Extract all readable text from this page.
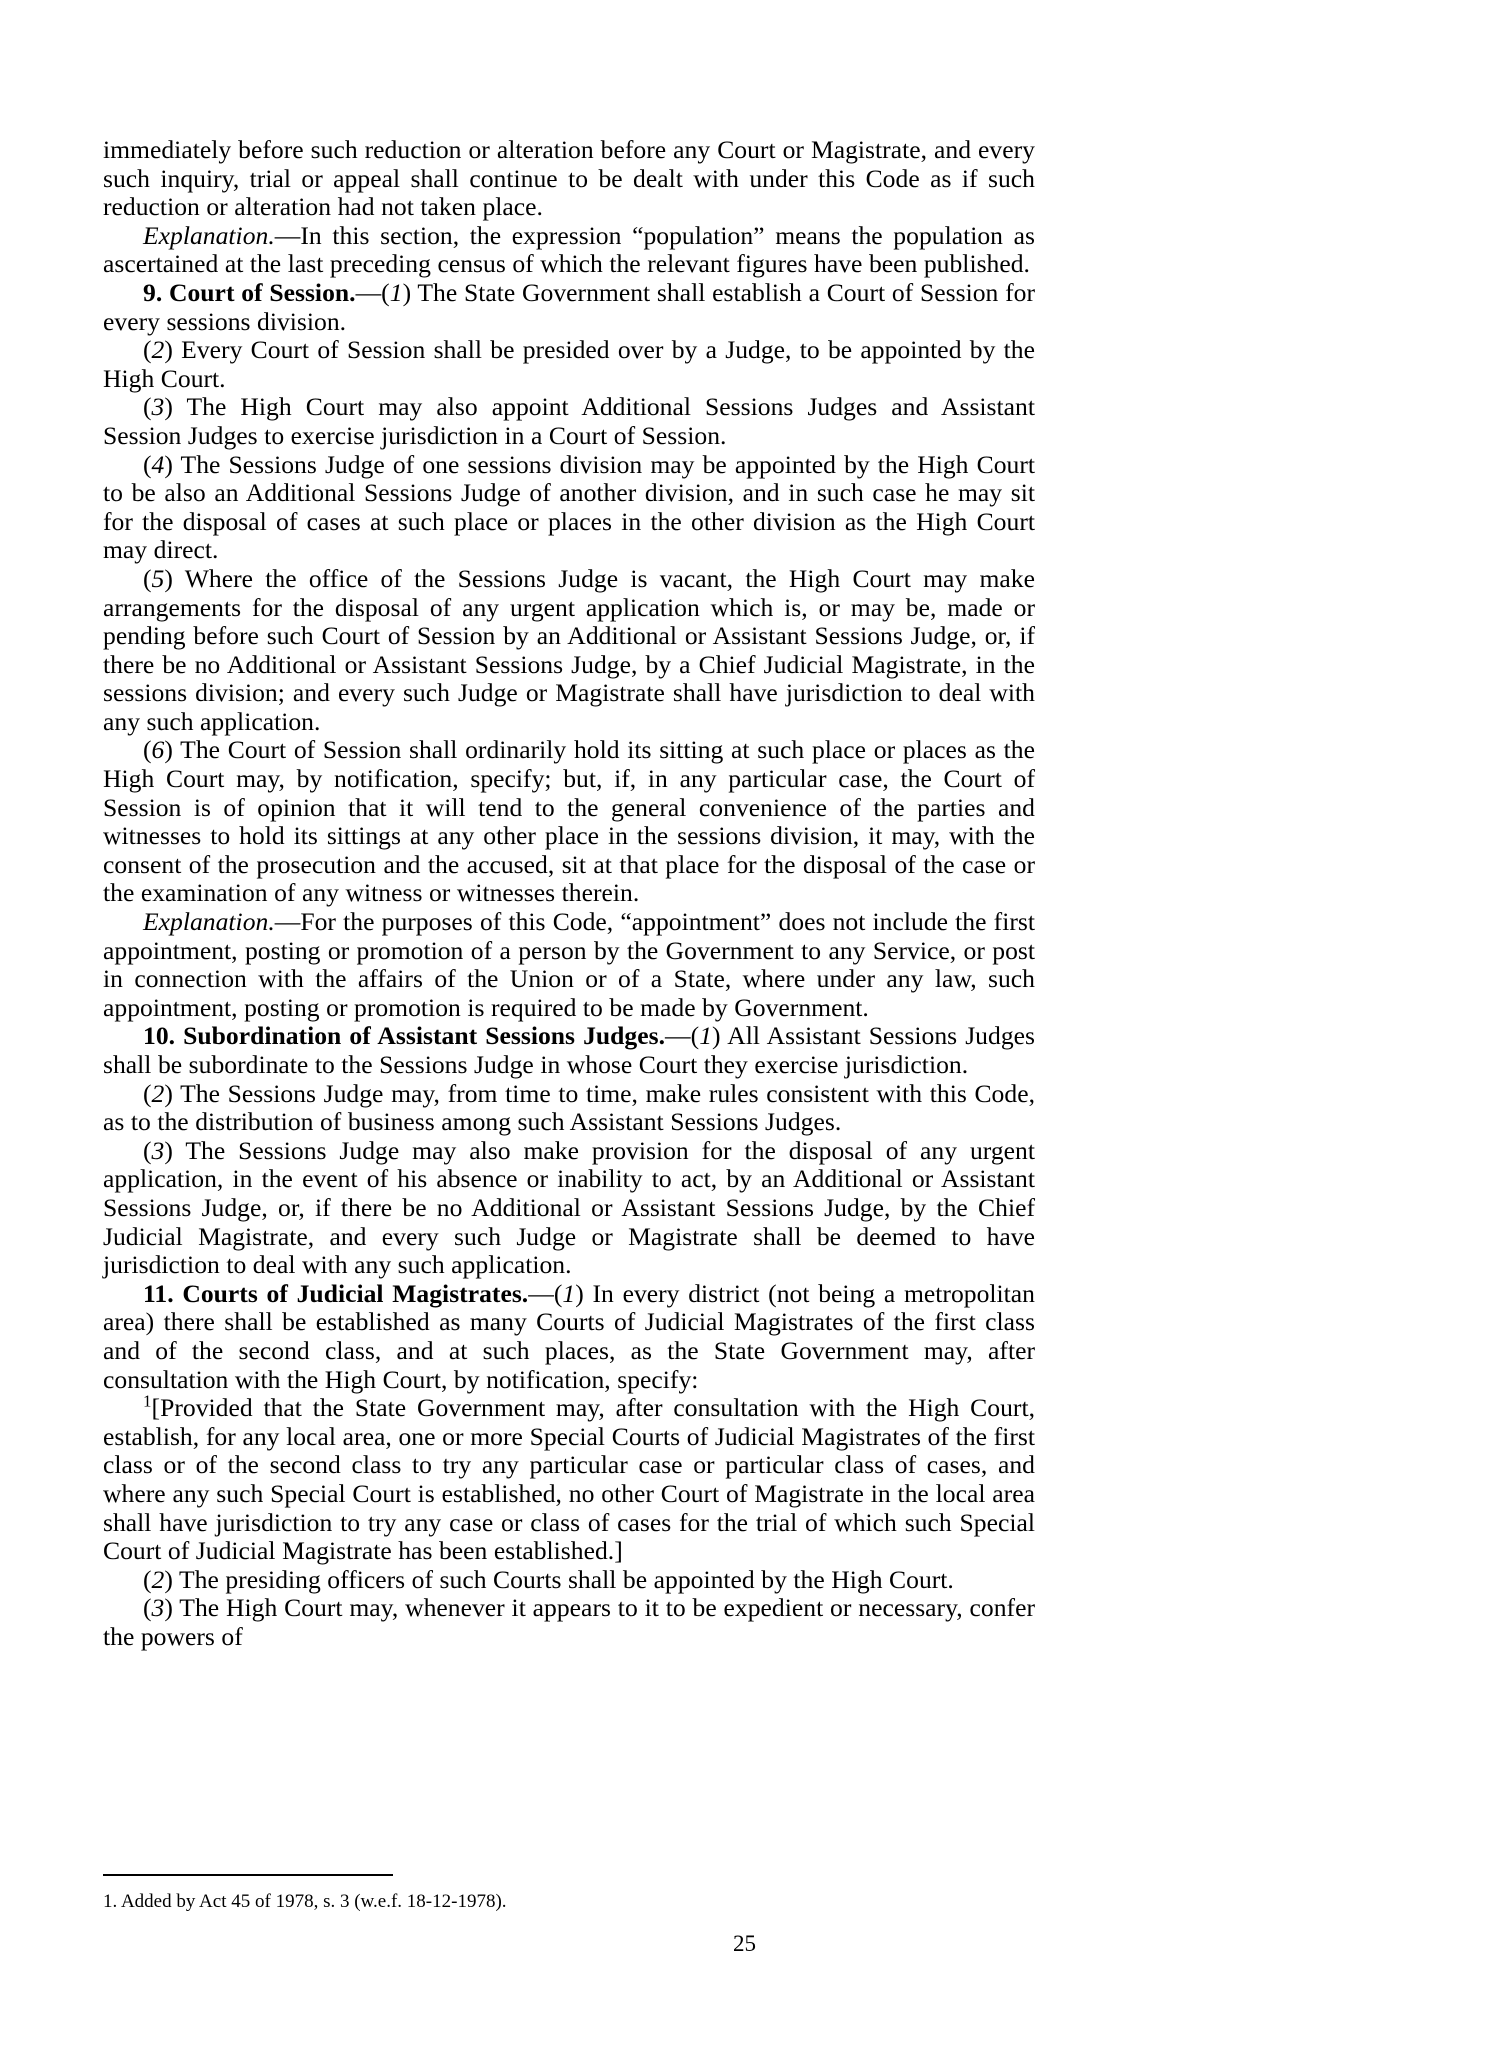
immediately before such reduction or alteration before any Court or Magistrate, and every such inquiry, trial or appeal shall continue to be dealt with under this Code as if such reduction or alteration had not taken place.

Explanation.—In this section, the expression “population” means the population as ascertained at the last preceding census of which the relevant figures have been published.

9. Court of Session.—(1) The State Government shall establish a Court of Session for every sessions division.

(2) Every Court of Session shall be presided over by a Judge, to be appointed by the High Court.

(3) The High Court may also appoint Additional Sessions Judges and Assistant Session Judges to exercise jurisdiction in a Court of Session.

(4) The Sessions Judge of one sessions division may be appointed by the High Court to be also an Additional Sessions Judge of another division, and in such case he may sit for the disposal of cases at such place or places in the other division as the High Court may direct.

(5) Where the office of the Sessions Judge is vacant, the High Court may make arrangements for the disposal of any urgent application which is, or may be, made or pending before such Court of Session by an Additional or Assistant Sessions Judge, or, if there be no Additional or Assistant Sessions Judge, by a Chief Judicial Magistrate, in the sessions division; and every such Judge or Magistrate shall have jurisdiction to deal with any such application.

(6) The Court of Session shall ordinarily hold its sitting at such place or places as the High Court may, by notification, specify; but, if, in any particular case, the Court of Session is of opinion that it will tend to the general convenience of the parties and witnesses to hold its sittings at any other place in the sessions division, it may, with the consent of the prosecution and the accused, sit at that place for the disposal of the case or the examination of any witness or witnesses therein.

Explanation.—For the purposes of this Code, “appointment” does not include the first appointment, posting or promotion of a person by the Government to any Service, or post in connection with the affairs of the Union or of a State, where under any law, such appointment, posting or promotion is required to be made by Government.

10. Subordination of Assistant Sessions Judges.—(1) All Assistant Sessions Judges shall be subordinate to the Sessions Judge in whose Court they exercise jurisdiction.

(2) The Sessions Judge may, from time to time, make rules consistent with this Code, as to the distribution of business among such Assistant Sessions Judges.

(3) The Sessions Judge may also make provision for the disposal of any urgent application, in the event of his absence or inability to act, by an Additional or Assistant Sessions Judge, or, if there be no Additional or Assistant Sessions Judge, by the Chief Judicial Magistrate, and every such Judge or Magistrate shall be deemed to have jurisdiction to deal with any such application.

11. Courts of Judicial Magistrates.—(1) In every district (not being a metropolitan area) there shall be established as many Courts of Judicial Magistrates of the first class and of the second class, and at such places, as the State Government may, after consultation with the High Court, by notification, specify:

$^1$[Provided that the State Government may, after consultation with the High Court, establish, for any local area, one or more Special Courts of Judicial Magistrates of the first class or of the second class to try any particular case or particular class of cases, and where any such Special Court is established, no other Court of Magistrate in the local area shall have jurisdiction to try any case or class of cases for the trial of which such Special Court of Judicial Magistrate has been established.]

(2) The presiding officers of such Courts shall be appointed by the High Court.

(3) The High Court may, whenever it appears to it to be expedient or necessary, confer the powers of

1. Added by Act 45 of 1978, s. 3 (w.e.f. 18-12-1978).

25
